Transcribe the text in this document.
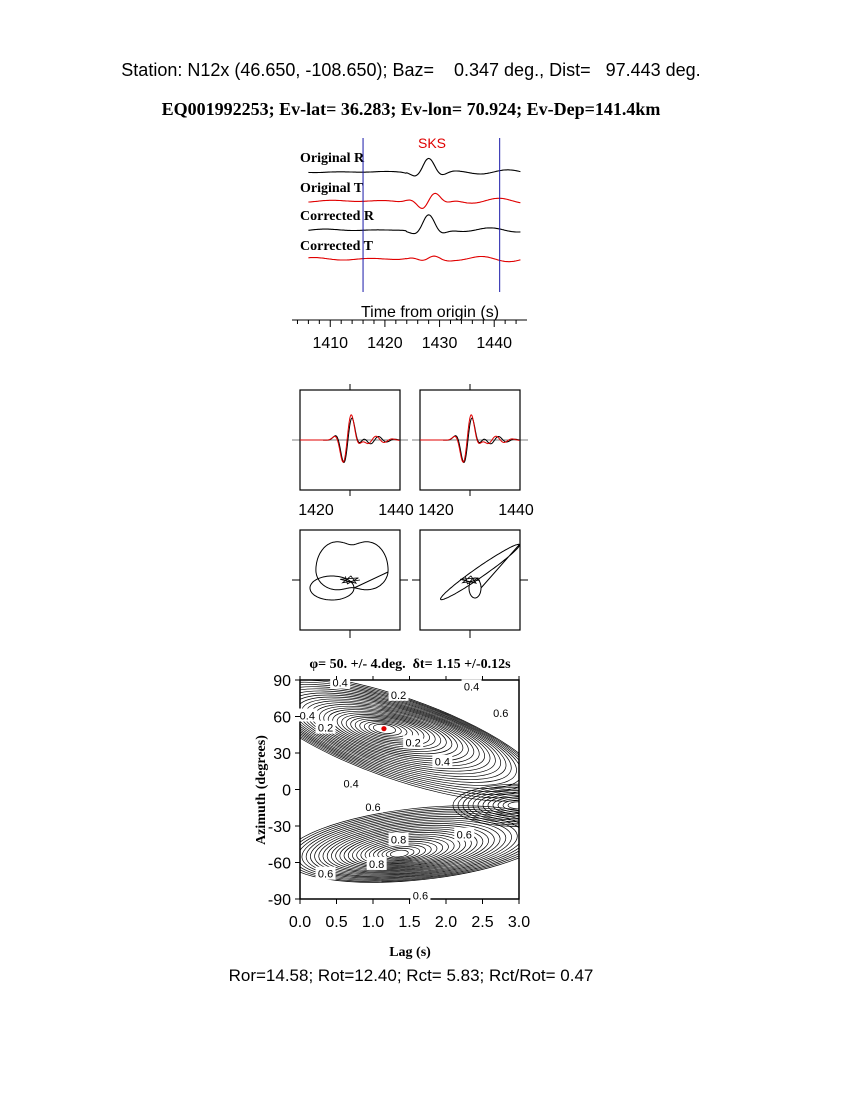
Station: N12x (46.650, -108.650); Baz=    0.347 deg., Dist=   97.443 deg.
EQ001992253; Ev-lat= 36.283; Ev-lon= 70.924; Ev-Dep=141.4km
SKS
Original R
Original T
Corrected R
Corrected T
Time from origin (s)
1410 1420 1430 1440
1420	1440 1420	1440
φ= 50. +/- 4.deg.  δt= 1.15 +/-0.12s
Lag (s)
Azimuth (degrees)
0.4
0.2
0.4
0.6
0.4
0.2
0.2
0.4
0.4
0.6
0.8	0.6
0.8
0.6
0.6
0.0 0.5 1.0 1.5 2.0 2.5 3.0
90
60
30
0
-30
-60
-90
Ror=14.58; Rot=12.40; Rct= 5.83; Rct/Rot= 0.47
